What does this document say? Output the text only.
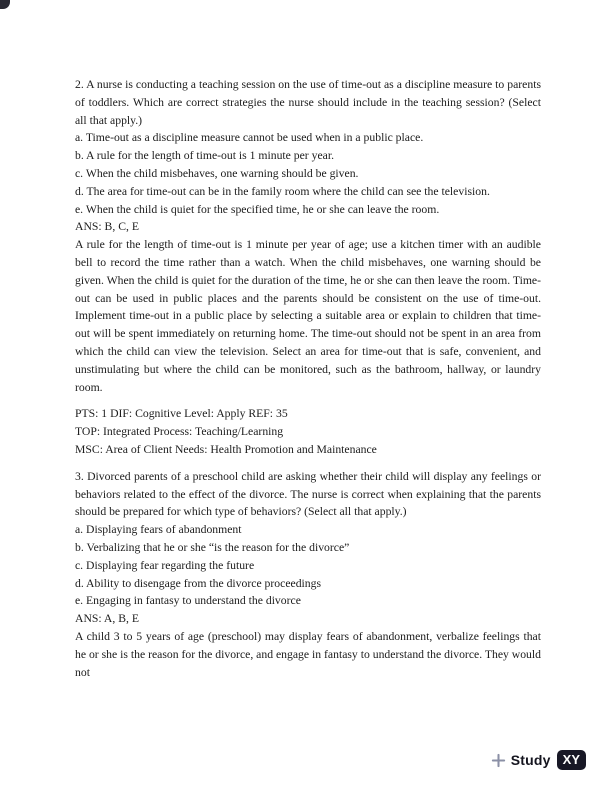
2. A nurse is conducting a teaching session on the use of time-out as a discipline measure to parents of toddlers. Which are correct strategies the nurse should include in the teaching session? (Select all that apply.)

a. Time-out as a discipline measure cannot be used when in a public place.

b. A rule for the length of time-out is 1 minute per year.

c. When the child misbehaves, one warning should be given.

d. The area for time-out can be in the family room where the child can see the television.

e. When the child is quiet for the specified time, he or she can leave the room.

ANS: B, C, E

A rule for the length of time-out is 1 minute per year of age; use a kitchen timer with an audible bell to record the time rather than a watch. When the child misbehaves, one warning should be given. When the child is quiet for the duration of the time, he or she can then leave the room. Time-out can be used in public places and the parents should be consistent on the use of time-out. Implement time-out in a public place by selecting a suitable area or explain to children that time-out will be spent immediately on returning home. The time-out should not be spent in an area from which the child can view the television. Select an area for time-out that is safe, convenient, and unstimulating but where the child can be monitored, such as the bathroom, hallway, or laundry room.

PTS: 1 DIF: Cognitive Level: Apply REF: 35

TOP: Integrated Process: Teaching/Learning

MSC: Area of Client Needs: Health Promotion and Maintenance

3. Divorced parents of a preschool child are asking whether their child will display any feelings or behaviors related to the effect of the divorce. The nurse is correct when explaining that the parents should be prepared for which type of behaviors? (Select all that apply.)

a. Displaying fears of abandonment

b. Verbalizing that he or she “is the reason for the divorce”

c. Displaying fear regarding the future

d. Ability to disengage from the divorce proceedings

e. Engaging in fantasy to understand the divorce

ANS: A, B, E

A child 3 to 5 years of age (preschool) may display fears of abandonment, verbalize feelings that he or she is the reason for the divorce, and engage in fantasy to understand the divorce. They would not

Study XY
